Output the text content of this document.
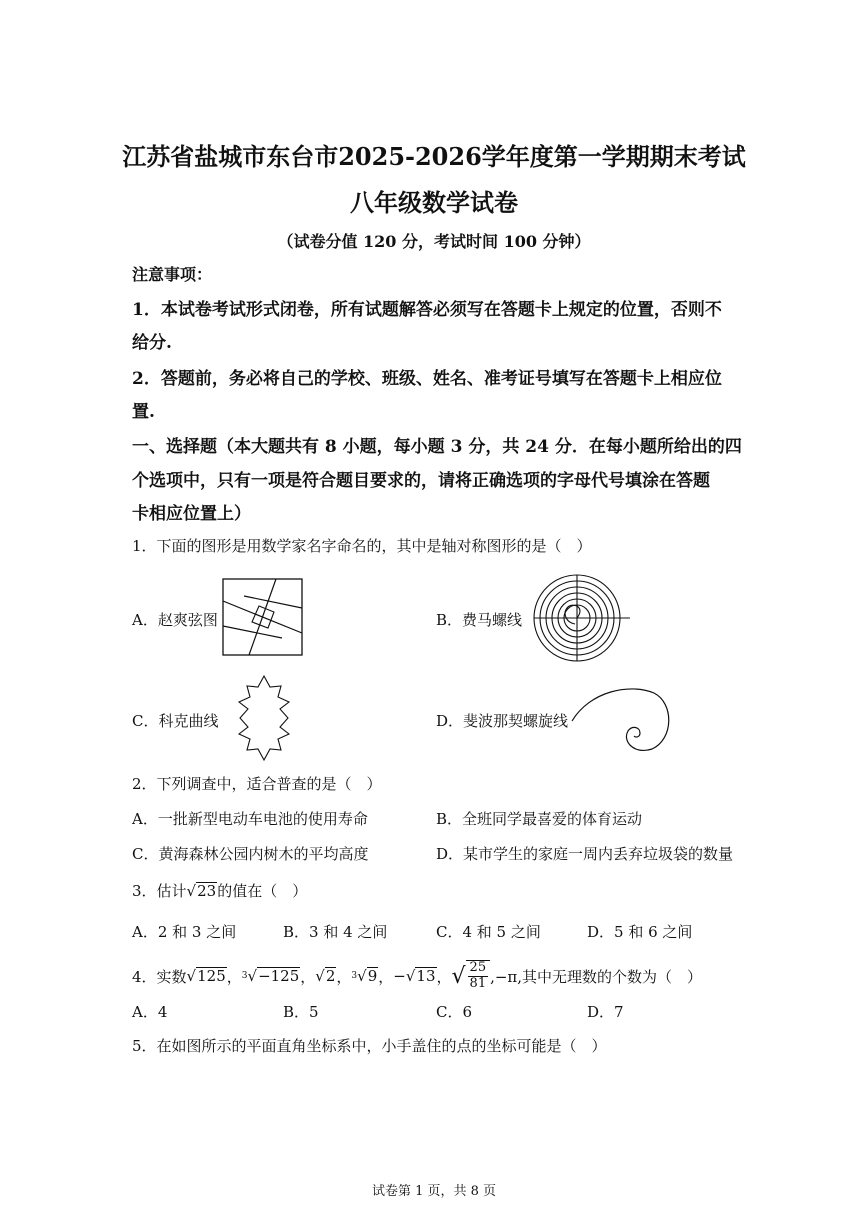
江苏省盐城市东台市2025-2026学年度第一学期期末考试
八年级数学试卷
（试卷分值 120 分，考试时间 100 分钟）
注意事项：
1．本试卷考试形式闭卷，所有试题解答必须写在答题卡上规定的位置，否则不
给分.
2．答题前，务必将自己的学校、班级、姓名、准考证号填写在答题卡上相应位
置.
一、选择题（本大题共有 8 小题，每小题 3 分，共 24 分．在每小题所给出的四
个选项中，只有一项是符合题目要求的，请将正确选项的字母代号填涂在答题
卡相应位置上）
1．下面的图形是用数学家名字命名的，其中是轴对称图形的是（　）
A．赵爽弦图	B．费马螺线
C．科克曲线	D．斐波那契螺旋线
2．下列调查中，适合普查的是（　）
A．一批新型电动车电池的使用寿命	B．全班同学最喜爱的体育运动
C．黄海森林公园内树木的平均高度	D．某市学生的家庭一周内丢弃垃圾袋的数量
3．估计√23的值在（　）
A．2 和 3 之间	B．3 和 4 之间	C．4 和 5 之间	D．5 和 6 之间
4．实数 √ 125 ， 3 √ −125 ， √ 2 ， 3 √ 9 ， − √ 13 ， √ $\frac{25}{81} ,-\pi$,其中无理数的个数为（　）
A．4	B．5	C．6	D．7
5．在如图所示的平面直角坐标系中，小手盖住的点的坐标可能是（　）
试卷第 1 页，共 8 页
